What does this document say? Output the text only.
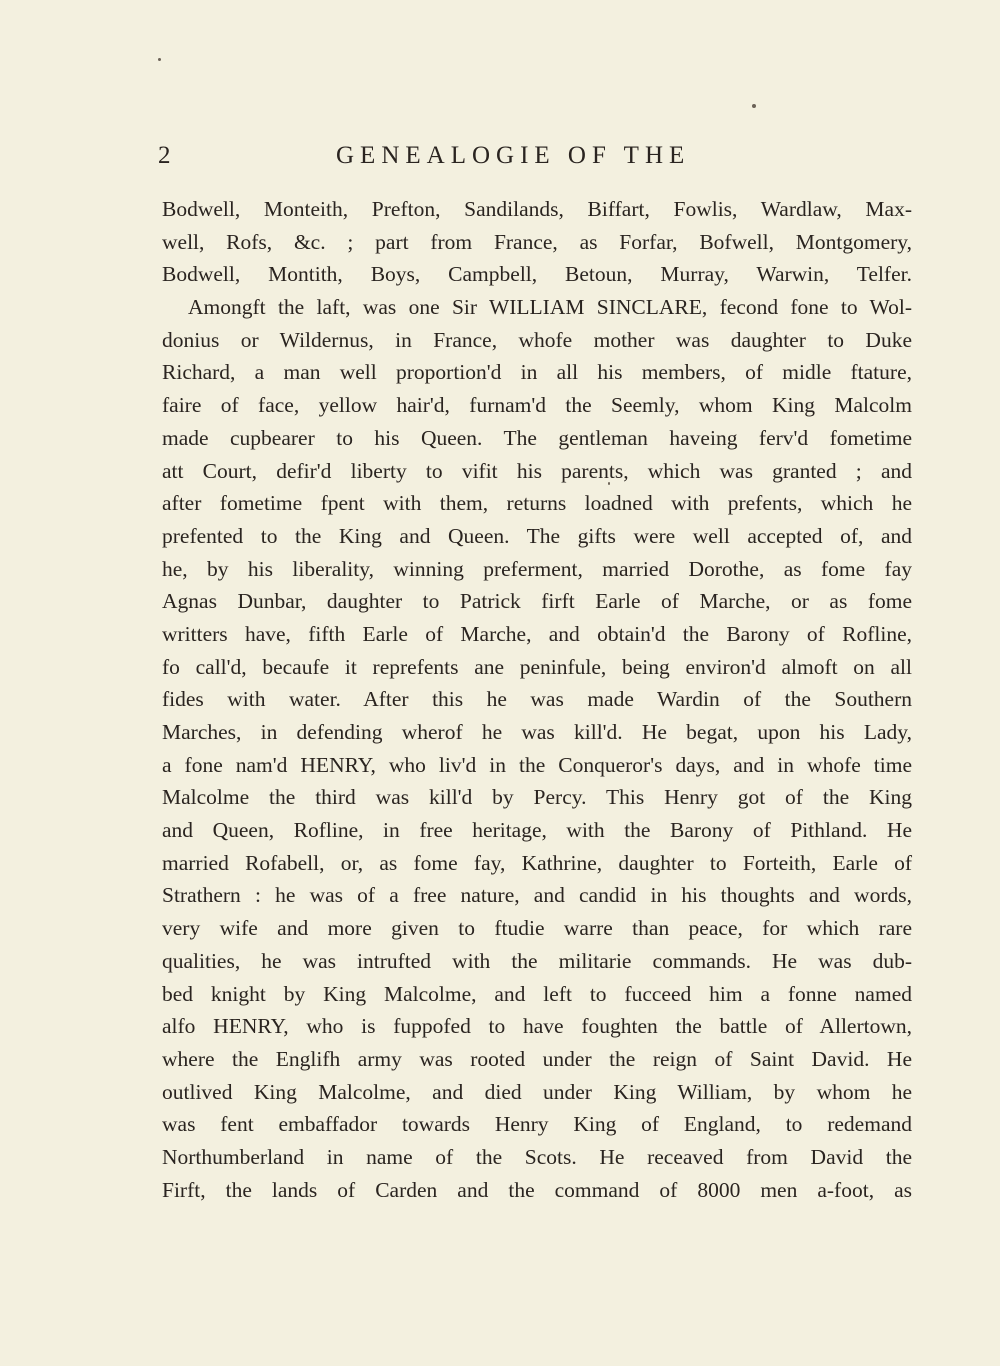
2	GENEALOGIE OF THE
Bodwell, Monteith, Prefton, Sandilands, Biffart, Fowlis, Wardlaw, Max-
well, Rofs, &c. ; part from France, as Forfar, Bofwell, Montgomery,
Bodwell, Montith, Boys, Campbell, Betoun, Murray, Warwin, Telfer.
Amongft the laft, was one Sir WILLIAM SINCLARE, fecond fone to Wol-
donius or Wildernus, in France, whofe mother was daughter to Duke
Richard, a man well proportion'd in all his members, of midle ftature,
faire of face, yellow hair'd, furnam'd the Seemly, whom King Malcolm
made cupbearer to his Queen. The gentleman haveing ferv'd fometime
att Court, defir'd liberty to vifit his parents, which was granted ; and
after fometime fpent with them, returns loadned with prefents, which he
prefented to the King and Queen. The gifts were well accepted of, and
he, by his liberality, winning preferment, married Dorothe, as fome fay
Agnas Dunbar, daughter to Patrick firft Earle of Marche, or as fome
writters have, fifth Earle of Marche, and obtain'd the Barony of Rofline,
fo call'd, becaufe it reprefents ane peninfule, being environ'd almoft on all
fides with water. After this he was made Wardin of the Southern
Marches, in defending wherof he was kill'd. He begat, upon his Lady,
a fone nam'd HENRY, who liv'd in the Conqueror's days, and in whofe time
Malcolme the third was kill'd by Percy. This Henry got of the King
and Queen, Rofline, in free heritage, with the Barony of Pithland. He
married Rofabell, or, as fome fay, Kathrine, daughter to Forteith, Earle of
Strathern : he was of a free nature, and candid in his thoughts and words,
very wife and more given to ftudie warre than peace, for which rare
qualities, he was intrufted with the militarie commands. He was dub-
bed knight by King Malcolme, and left to fucceed him a fonne named
alfo HENRY, who is fuppofed to have foughten the battle of Allertown,
where the Englifh army was rooted under the reign of Saint David. He
outlived King Malcolme, and died under King William, by whom he
was fent embaffador towards Henry King of England, to redemand
Northumberland in name of the Scots. He receaved from David the
Firft, the lands of Carden and the command of 8000 men a-foot, as
